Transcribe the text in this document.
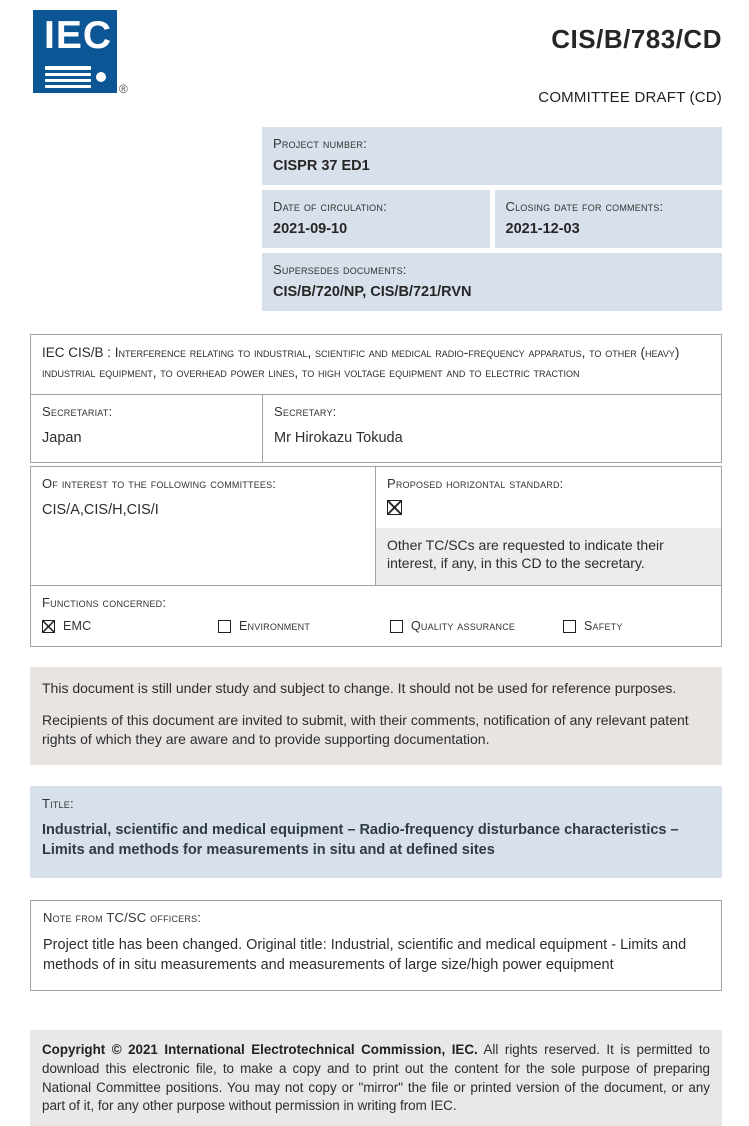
IEC
®
CIS/B/783/CD
COMMITTEE DRAFT (CD)
Project number:
CISPR 37 ED1
Date of circulation:
2021-09-10
Closing date for comments:
2021-12-03
Supersedes documents:
CIS/B/720/NP, CIS/B/721/RVN
IEC CIS/B : Interference relating to industrial, scientific and medical radio-frequency apparatus, to other (heavy) industrial equipment, to overhead power lines, to high voltage equipment and to electric traction
Secretariat:
Japan
Secretary:
Mr Hirokazu Tokuda
Of interest to the following committees:
CIS/A,CIS/H,CIS/I
Proposed horizontal standard:
Other TC/SCs are requested to indicate their interest, if any, in this CD to the secretary.
Functions concerned:
EMC	Environment	Quality assurance	Safety

This document is still under study and subject to change. It should not be used for reference purposes.

Recipients of this document are invited to submit, with their comments, notification of any relevant patent rights of which they are aware and to provide supporting documentation.

Title:
Industrial, scientific and medical equipment – Radio-frequency disturbance characteristics – Limits and methods for measurements in situ and at defined sites
Note from TC/SC officers:
Project title has been changed. Original title: Industrial, scientific and medical equipment - Limits and methods of in situ measurements and measurements of large size/high power equipment
Copyright © 2021 International Electrotechnical Commission, IEC. All rights reserved. It is permitted to download this electronic file, to make a copy and to print out the content for the sole purpose of preparing National Committee positions. You may not copy or "mirror" the file or printed version of the document, or any part of it, for any other purpose without permission in writing from IEC.
